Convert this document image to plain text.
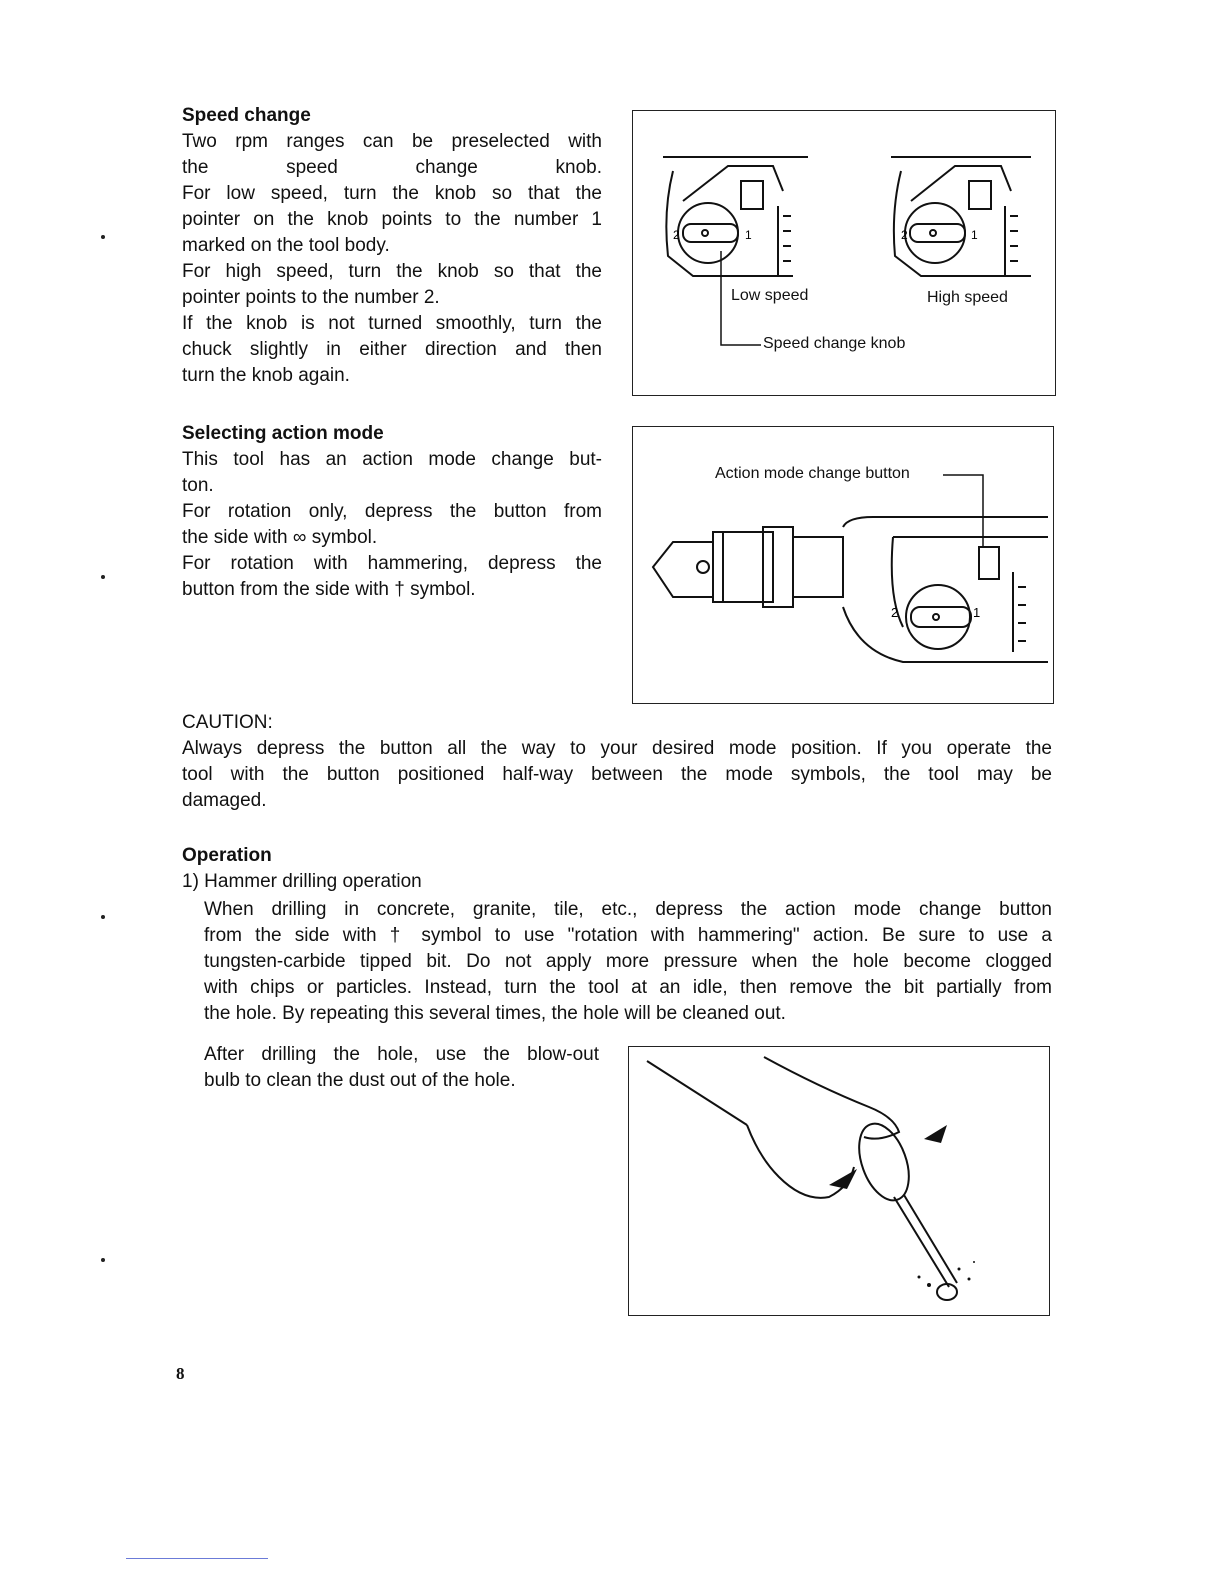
Speed change

Two rpm ranges can be preselected with
the speed change knob.
For low speed, turn the knob so that the
pointer on the knob points to the number 1
marked on the tool body.
For high speed, turn the knob so that the
pointer points to the number 2.
If the knob is not turned smoothly, turn the
chuck slightly in either direction and then
turn the knob again.

2	1	2	1
Low speed	High speed
Speed change knob
Selecting action mode

This tool has an action mode change but-
ton.
For rotation only, depress the button from
the side with ∞ symbol.
For rotation with hammering, depress the
button from the side with † symbol.

2	1
Action mode change button

CAUTION:

Always depress the button all the way to your desired mode position. If you operate the
tool with the button positioned half-way between the mode symbols, the tool may be
damaged.

Operation

1) Hammer drilling operation

When drilling in concrete, granite, tile, etc., depress the action mode change button
from the side with † symbol to use "rotation with hammering" action. Be sure to use a
tungsten-carbide tipped bit. Do not apply more pressure when the hole become clogged
with chips or particles. Instead, turn the tool at an idle, then remove the bit partially from
the hole. By repeating this several times, the hole will be cleaned out.

After drilling the hole, use the blow-out
bulb to clean the dust out of the hole.

8
